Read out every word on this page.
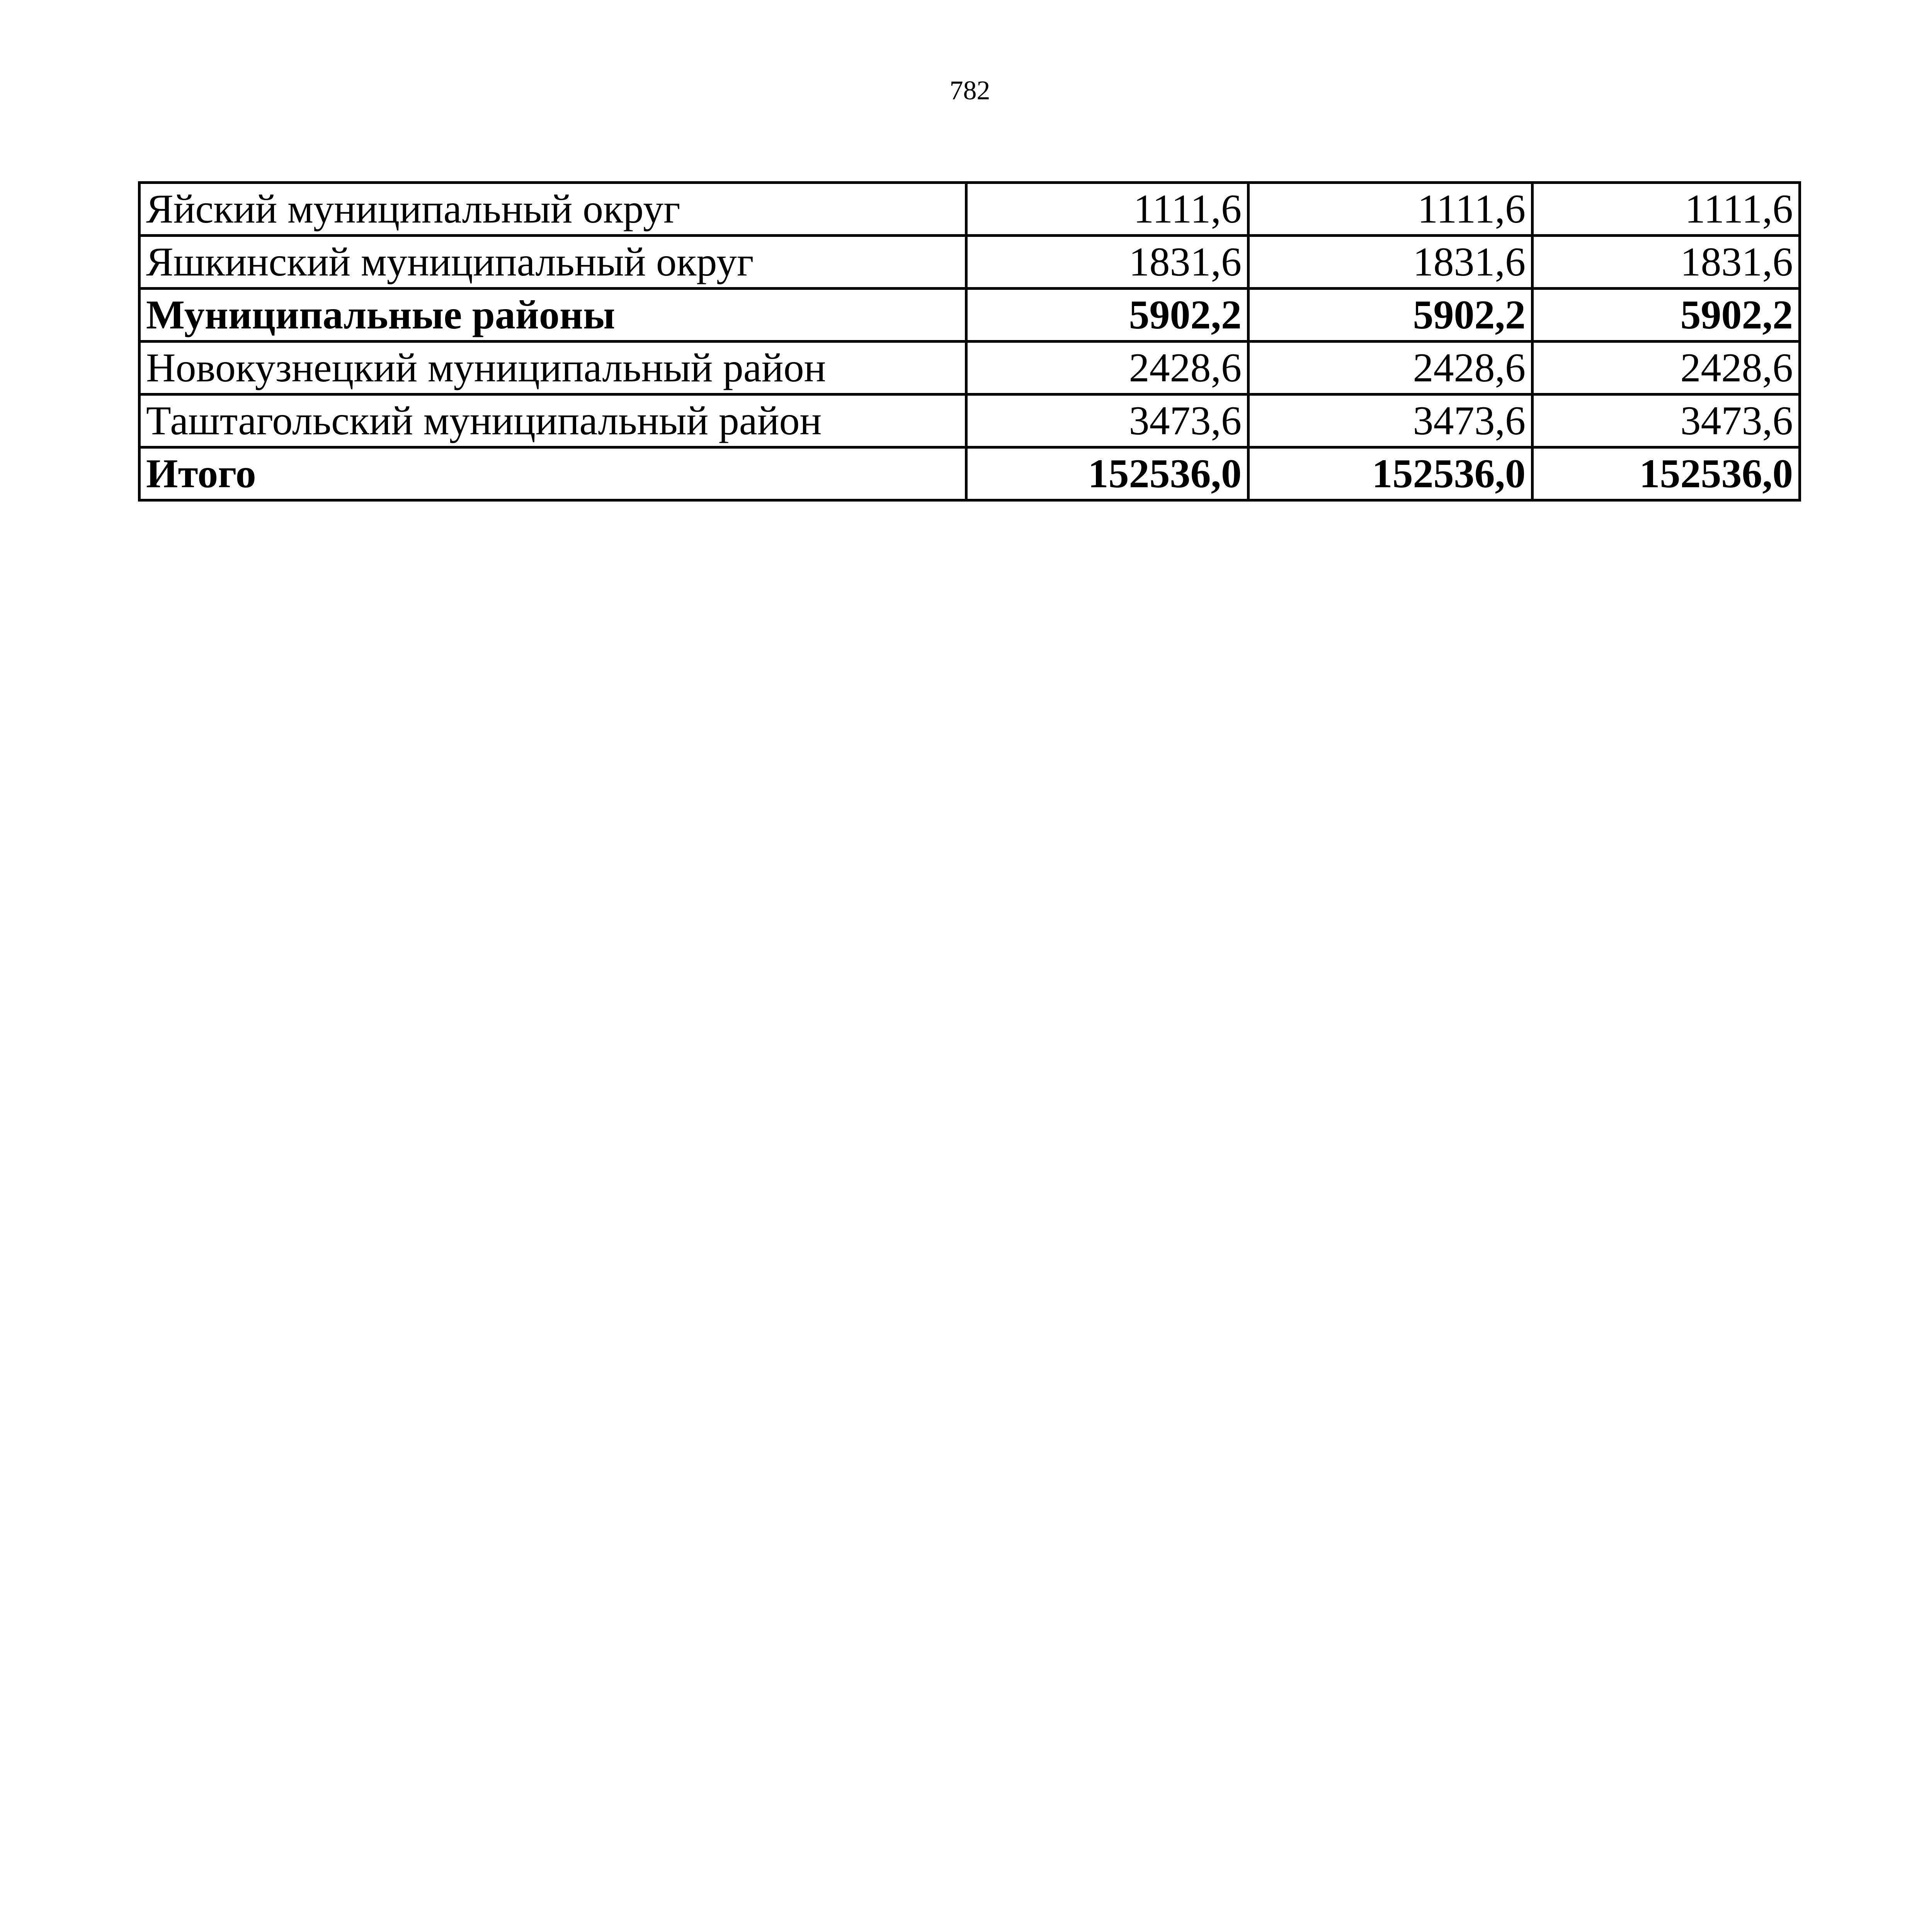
782
Яйский муниципальный округ	1111,6	1111,6	1111,6
Яшкинский муниципальный округ	1831,6	1831,6	1831,6
Муниципальные районы	5902,2	5902,2	5902,2
Новокузнецкий муниципальный район	2428,6	2428,6	2428,6
Таштагольский муниципальный район	3473,6	3473,6	3473,6
Итого	152536,0	152536,0	152536,0
